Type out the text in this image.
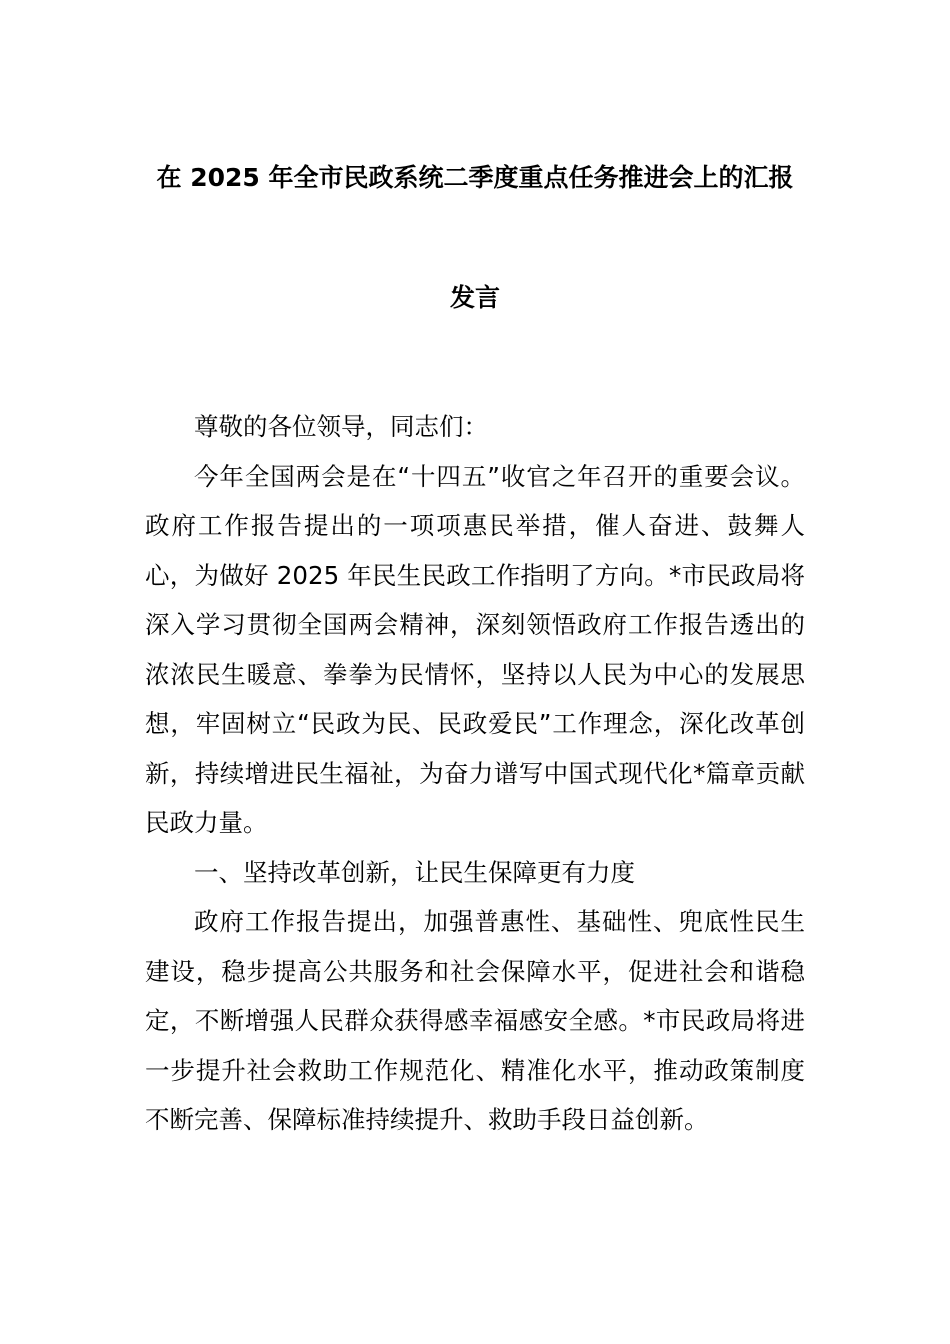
在 2025 年全市民政系统二季度重点任务推进会上的汇报
发言

尊敬的各位领导，同志们：

今年全国两会是在“十四五”收官之年召开的重要会议。政府工作报告提出的一项项惠民举措，催人奋进、鼓舞人心，为做好 2025 年民生民政工作指明了方向。*市民政局将深入学习贯彻全国两会精神，深刻领悟政府工作报告透出的浓浓民生暖意、拳拳为民情怀，坚持以人民为中心的发展思想，牢固树立“民政为民、民政爱民”工作理念，深化改革创新，持续增进民生福祉，为奋力谱写中国式现代化*篇章贡献民政力量。

一、坚持改革创新，让民生保障更有力度

政府工作报告提出，加强普惠性、基础性、兜底性民生建设，稳步提高公共服务和社会保障水平，促进社会和谐稳定，不断增强人民群众获得感幸福感安全感。*市民政局将进一步提升社会救助工作规范化、精准化水平，推动政策制度不断完善、保障标准持续提升、救助手段日益创新。
